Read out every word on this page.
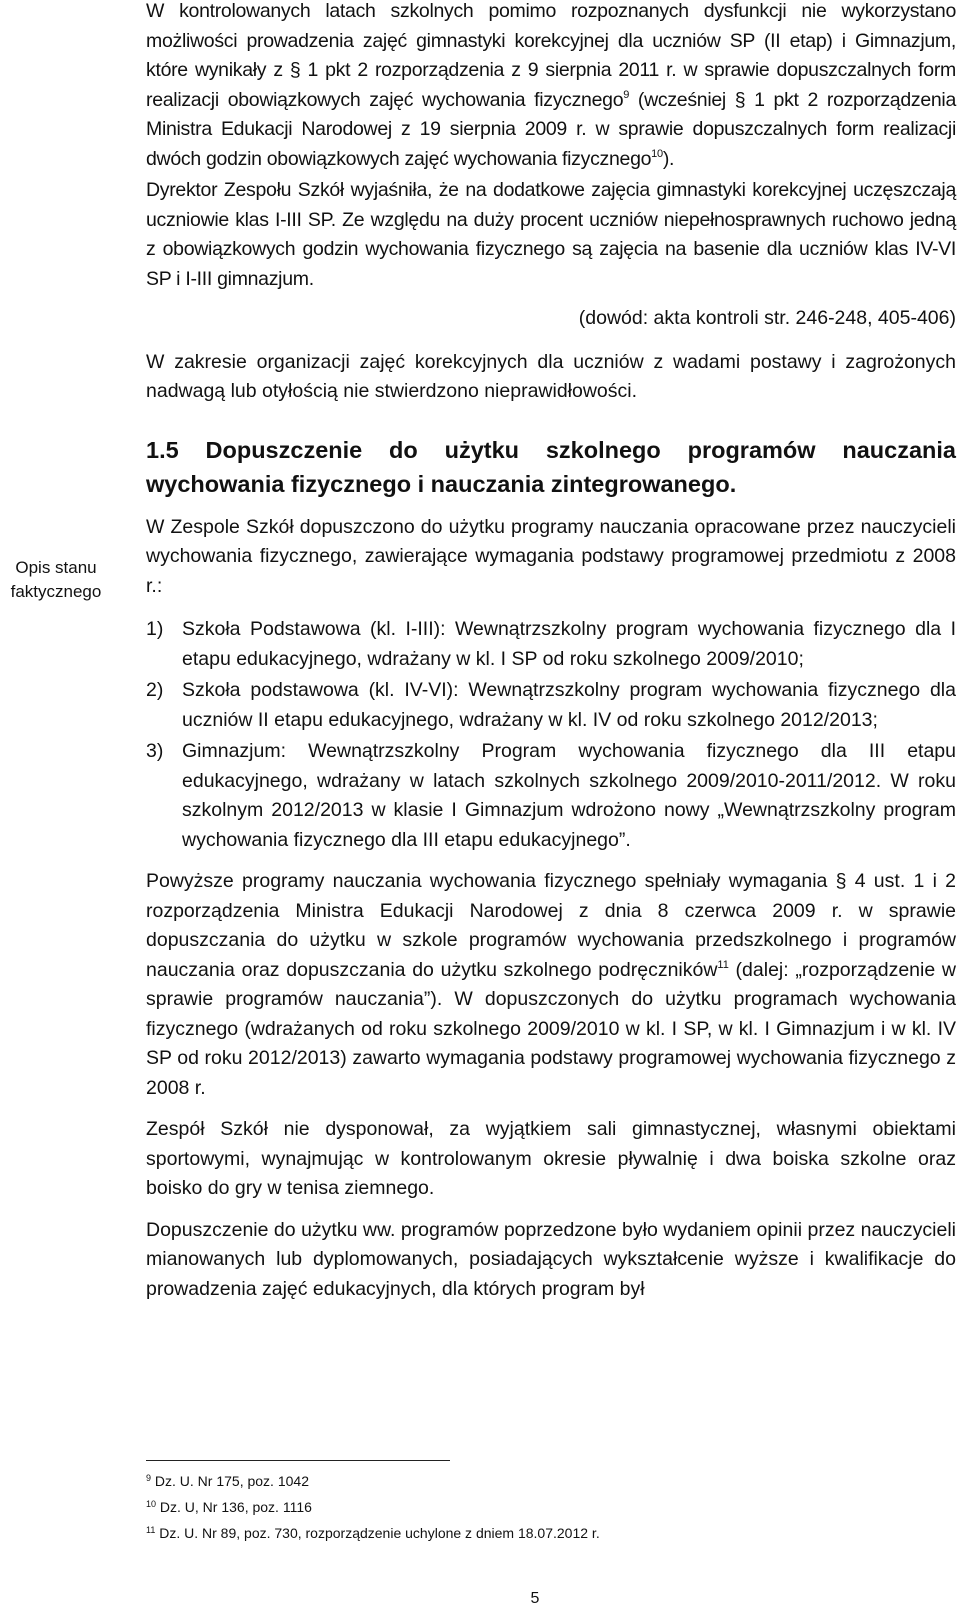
Opis stanu
faktycznego

W kontrolowanych latach szkolnych pomimo rozpoznanych dysfunkcji nie wykorzystano możliwości prowadzenia zajęć gimnastyki korekcyjnej dla uczniów SP (II etap) i Gimnazjum, które wynikały z § 1 pkt 2 rozporządzenia z 9 sierpnia 2011 r. w sprawie dopuszczalnych form realizacji obowiązkowych zajęć wychowania fizycznego$^9$ (wcześniej § 1 pkt 2 rozporządzenia Ministra Edukacji Narodowej z 19 sierpnia 2009 r. w sprawie dopuszczalnych form realizacji dwóch godzin obowiązkowych zajęć wychowania fizycznego$^{10}$).

Dyrektor Zespołu Szkół wyjaśniła, że na dodatkowe zajęcia gimnastyki korekcyjnej uczęszczają uczniowie klas I-III SP. Ze względu na duży procent uczniów niepełnosprawnych ruchowo jedną z obowiązkowych godzin wychowania fizycznego są zajęcia na basenie dla uczniów klas IV-VI SP i I-III gimnazjum.

(dowód: akta kontroli str. 246-248, 405-406)

W zakresie organizacji zajęć korekcyjnych dla uczniów z wadami postawy i zagrożonych nadwagą lub otyłością nie stwierdzono nieprawidłowości.

1.5 Dopuszczenie do użytku szkolnego programów nauczania wychowania fizycznego i nauczania zintegrowanego.

W Zespole Szkół dopuszczono do użytku programy nauczania opracowane przez nauczycieli wychowania fizycznego, zawierające wymagania podstawy programowej przedmiotu z 2008 r.:

1) Szkoła Podstawowa (kl. I-III): Wewnątrzszkolny program wychowania fizycznego dla I etapu edukacyjnego, wdrażany w kl. I SP od roku szkolnego 2009/2010;
2) Szkoła podstawowa (kl. IV-VI): Wewnątrzszkolny program wychowania fizycznego dla uczniów II etapu edukacyjnego, wdrażany w kl. IV od roku szkolnego 2012/2013;
3) Gimnazjum: Wewnątrzszkolny Program wychowania fizycznego dla III etapu edukacyjnego, wdrażany w latach szkolnych szkolnego 2009/2010-2011/2012. W roku szkolnym 2012/2013 w klasie I Gimnazjum wdrożono nowy „Wewnątrzszkolny program wychowania fizycznego dla III etapu edukacyjnego”.

Powyższe programy nauczania wychowania fizycznego spełniały wymagania § 4 ust. 1 i 2 rozporządzenia Ministra Edukacji Narodowej z dnia 8 czerwca 2009 r. w sprawie dopuszczania do użytku w szkole programów wychowania przedszkolnego i programów nauczania oraz dopuszczania do użytku szkolnego podręczników$^{11}$ (dalej: „rozporządzenie w sprawie programów nauczania”). W dopuszczonych do użytku programach wychowania fizycznego (wdrażanych od roku szkolnego 2009/2010 w kl. I SP, w kl. I Gimnazjum i w kl. IV SP od roku 2012/2013) zawarto wymagania podstawy programowej wychowania fizycznego z 2008 r.

Zespół Szkół nie dysponował, za wyjątkiem sali gimnastycznej, własnymi obiektami sportowymi, wynajmując w kontrolowanym okresie pływalnię i dwa boiska szkolne oraz boisko do gry w tenisa ziemnego.

Dopuszczenie do użytku ww. programów poprzedzone było wydaniem opinii przez nauczycieli mianowanych lub dyplomowanych, posiadających wykształcenie wyższe i kwalifikacje do prowadzenia zajęć edukacyjnych, dla których program był

$^9$ Dz. U. Nr 175, poz. 1042
$^{10}$ Dz. U, Nr 136, poz. 1116
$^{11}$ Dz. U. Nr 89, poz. 730, rozporządzenie uchylone z dniem 18.07.2012 r.
5
